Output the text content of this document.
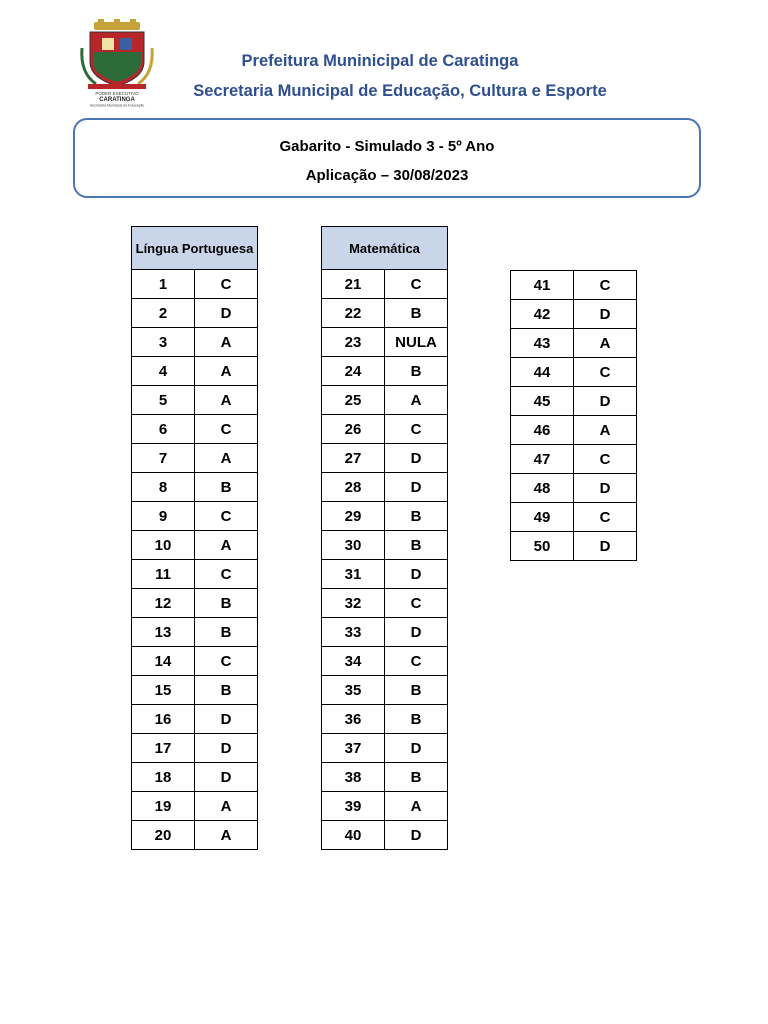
PODER EXECUTIVO
CARATINGA
Secretaria Municipal de Educação
Prefeitura Muninicipal de Caratinga
Secretaria Municipal de Educação, Cultura e Esporte
Gabarito - Simulado 3 - 5º Ano
Aplicação – 30/08/2023
Língua Portuguesa	
1	C
2	D
3	A
4	A
5	A
6	C
7	A
8	B
9	C
10	A
11	C
12	B
13	B
14	C
15	B
16	D
17	D
18	D
19	A
20	A
Matemática	
21	C
22	B
23	NULA
24	B
25	A
26	C
27	D
28	D
29	B
30	B
31	D
32	C
33	D
34	C
35	B
36	B
37	D
38	B
39	A
40	D
41	C
42	D
43	A
44	C
45	D
46	A
47	C
48	D
49	C
50	D
